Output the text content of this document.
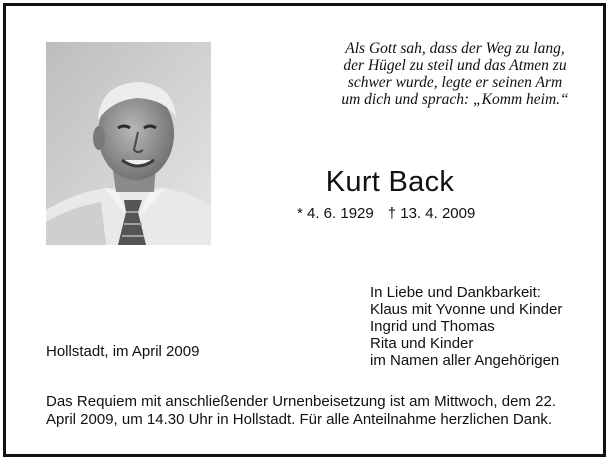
Als Gott sah, dass der Weg zu lang,
der Hügel zu steil und das Atmen zu
schwer wurde, legte er seinen Arm
um dich und sprach: „Komm heim.“

Kurt Back
* 4. 6. 1929 † 13. 4. 2009
In Liebe und Dankbarkeit:
Klaus mit Yvonne und Kinder
Ingrid und Thomas
Rita und Kinder
im Namen aller Angehörigen
Hollstadt, im April 2009

Das Requiem mit anschließender Urnenbeisetzung ist am Mittwoch, dem 22. April 2009, um 14.30 Uhr in Hollstadt. Für alle Anteilnahme herzlichen Dank.
